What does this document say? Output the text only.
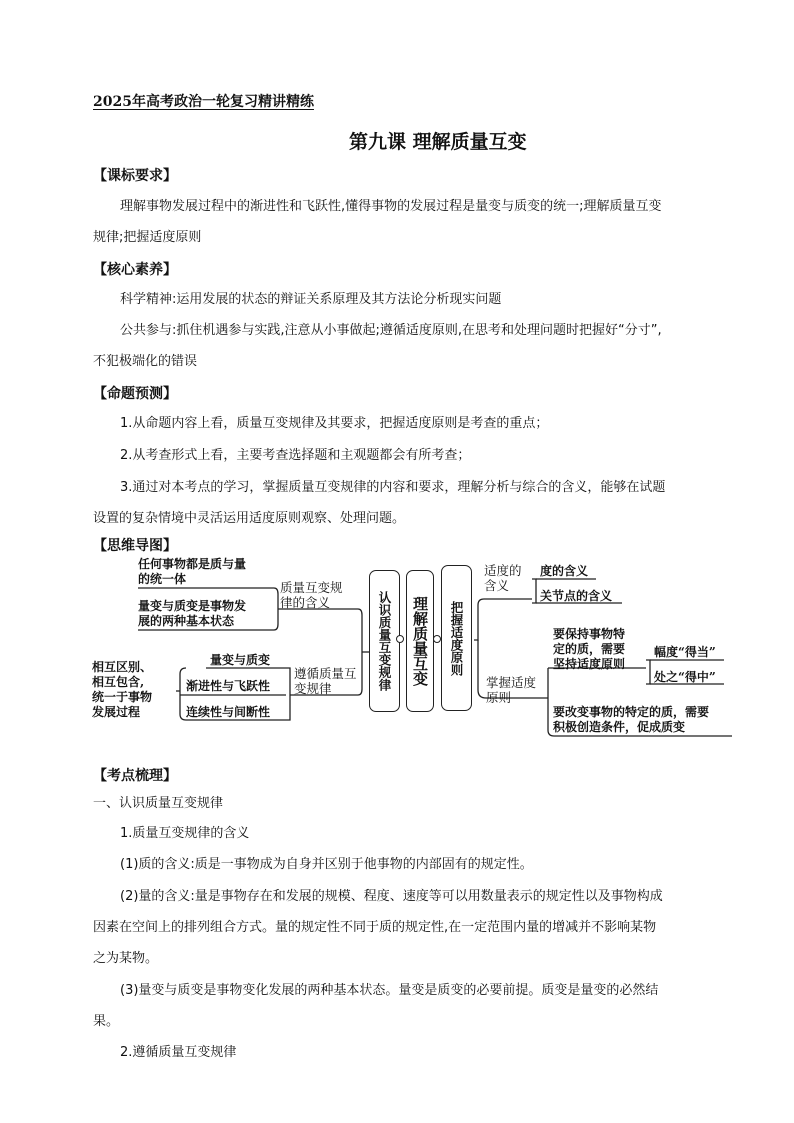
2025年高考政治一轮复习精讲精练
第九课 理解质量互变
【课标要求】
理解事物发展过程中的渐进性和飞跃性,懂得事物的发展过程是量变与质变的统一;理解质量互变
规律;把握适度原则
【核心素养】
科学精神:运用发展的状态的辩证关系原理及其方法论分析现实问题
公共参与:抓住机遇参与实践,注意从小事做起;遵循适度原则,在思考和处理问题时把握好“分寸”,
不犯极端化的错误
【命题预测】
1.从命题内容上看，质量互变规律及其要求，把握适度原则是考查的重点；
2.从考查形式上看，主要考查选择题和主观题都会有所考查；
3.通过对本考点的学习，掌握质量互变规律的内容和要求，理解分析与综合的含义，能够在试题
设置的复杂情境中灵活运用适度原则观察、处理问题。
【思维导图】
任何事物都是质与量
的统一体
量变与质变是事物发
展的两种基本状态
质量互变规律的含义
相互区别、
相互包含,
统一于事物
发展过程
量变与质变
渐进性与飞跃性
连续性与间断性
遵循质量互变规律	认识质量互变规律 理解质量互变 把握适度原则
适度的含义
度的含义
关节点的含义
要保持事物特
定的质，需要
坚持适度原则
幅度“得当”
处之“得中”
掌握适度原则
要改变事物的特定的质，需要
积极创造条件，促成质变
【考点梳理】
一、认识质量互变规律
1.质量互变规律的含义
(1)质的含义:质是一事物成为自身并区别于他事物的内部固有的规定性。
(2)量的含义:量是事物存在和发展的规模、程度、速度等可以用数量表示的规定性以及事物构成
因素在空间上的排列组合方式。量的规定性不同于质的规定性,在一定范围内量的增减并不影响某物
之为某物。
(3)量变与质变是事物变化发展的两种基本状态。量变是质变的必要前提。质变是量变的必然结
果。
2.遵循质量互变规律
